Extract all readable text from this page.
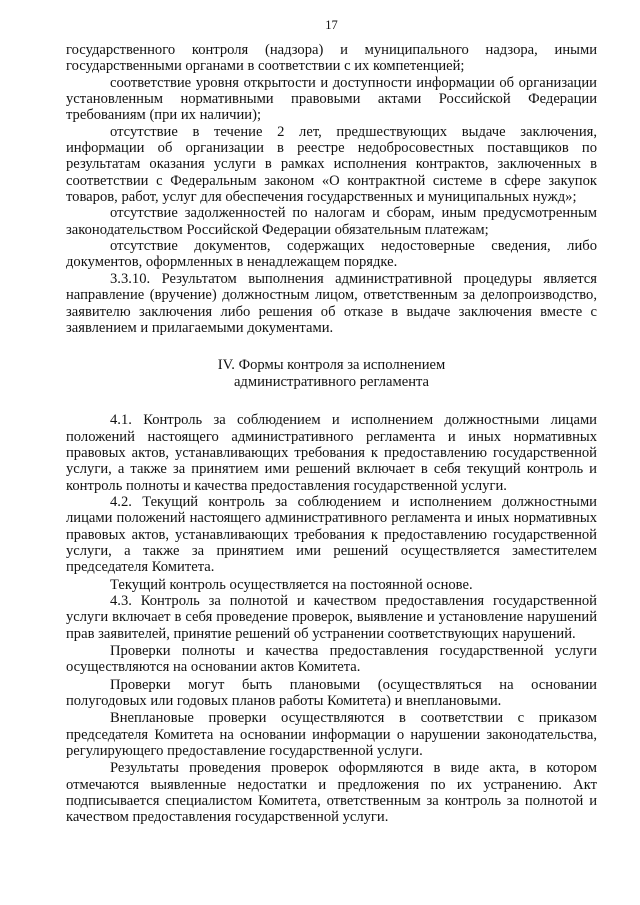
17

государственного контроля (надзора) и муниципального надзора, иными государственными органами в соответствии с их компетенцией;

соответствие уровня открытости и доступности информации об организации установленным нормативными правовыми актами Российской Федерации требованиям (при их наличии);

отсутствие в течение 2 лет, предшествующих выдаче заключения, информации об организации в реестре недобросовестных поставщиков по результатам оказания услуги в рамках исполнения контрактов, заключенных в соответствии с Федеральным законом «О контрактной системе в сфере закупок товаров, работ, услуг для обеспечения государственных и муниципальных нужд»;

отсутствие задолженностей по налогам и сборам, иным предусмотренным законодательством Российской Федерации обязательным платежам;

отсутствие документов, содержащих недостоверные сведения, либо документов, оформленных в ненадлежащем порядке.

3.3.10. Результатом выполнения административной процедуры является направление (вручение) должностным лицом, ответственным за делопроизводство, заявителю заключения либо решения об отказе в выдаче заключения вместе с заявлением и прилагаемыми документами.

IV. Формы контроля за исполнением
административного регламента

4.1. Контроль за соблюдением и исполнением должностными лицами положений настоящего административного регламента и иных нормативных правовых актов, устанавливающих требования к предоставлению государственной услуги, а также за принятием ими решений включает в себя текущий контроль и контроль полноты и качества предоставления государственной услуги.

4.2. Текущий контроль за соблюдением и исполнением должностными лицами положений настоящего административного регламента и иных нормативных правовых актов, устанавливающих требования к предоставлению государственной услуги, а также за принятием ими решений осуществляется заместителем председателя Комитета.

Текущий контроль осуществляется на постоянной основе.

4.3. Контроль за полнотой и качеством предоставления государственной услуги включает в себя проведение проверок, выявление и установление нарушений прав заявителей, принятие решений об устранении соответствующих нарушений.

Проверки полноты и качества предоставления государственной услуги осуществляются на основании актов Комитета.

Проверки могут быть плановыми (осуществляться на основании полугодовых или годовых планов работы Комитета) и внеплановыми.

Внеплановые проверки осуществляются в соответствии с приказом председателя Комитета на основании информации о нарушении законодательства, регулирующего предоставление государственной услуги.

Результаты проведения проверок оформляются в виде акта, в котором отмечаются выявленные недостатки и предложения по их устранению. Акт подписывается специалистом Комитета, ответственным за контроль за полнотой и качеством предоставления государственной услуги.
